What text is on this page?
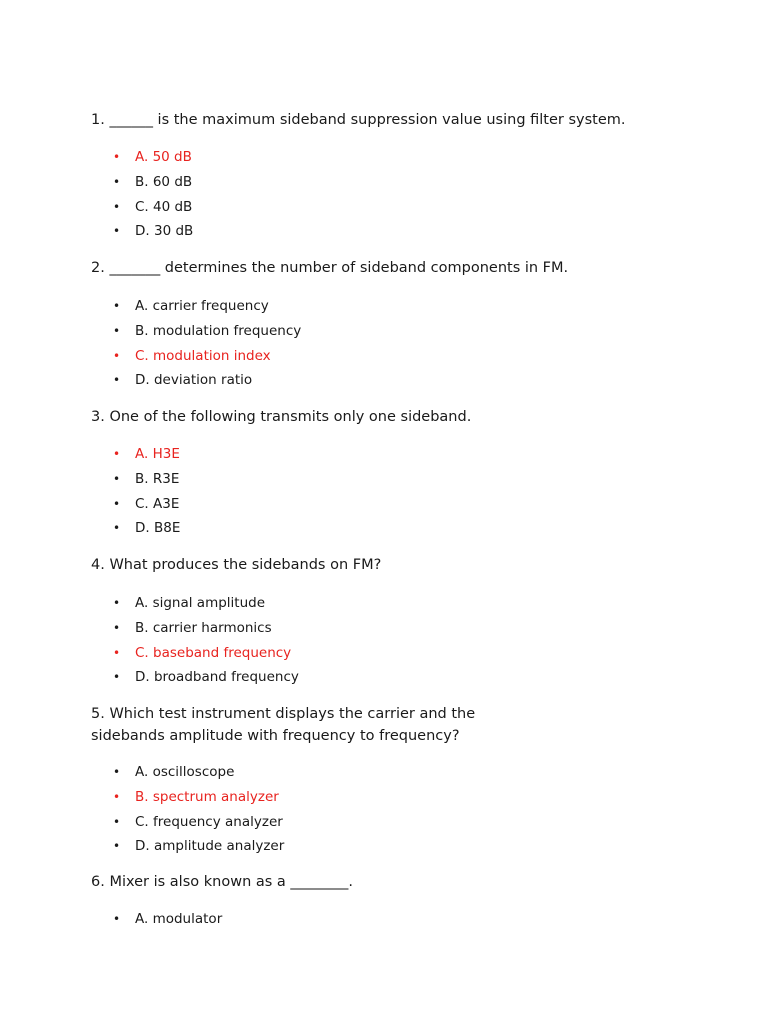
1. ______ is the maximum sideband suppression value using filter system.
• A. 50 dB
• B. 60 dB
• C. 40 dB
• D. 30 dB
2. _______ determines the number of sideband components in FM.
• A. carrier frequency
• B. modulation frequency
• C. modulation index
• D. deviation ratio
3. One of the following transmits only one sideband.
• A. H3E
• B. R3E
• C. A3E
• D. B8E
4. What produces the sidebands on FM?
• A. signal amplitude
• B. carrier harmonics
• C. baseband frequency
• D. broadband frequency
5. Which test instrument displays the carrier and the
sidebands amplitude with frequency to frequency?
• A. oscilloscope
• B. spectrum analyzer
• C. frequency analyzer
• D. amplitude analyzer
6. Mixer is also known as a ________.
• A. modulator
